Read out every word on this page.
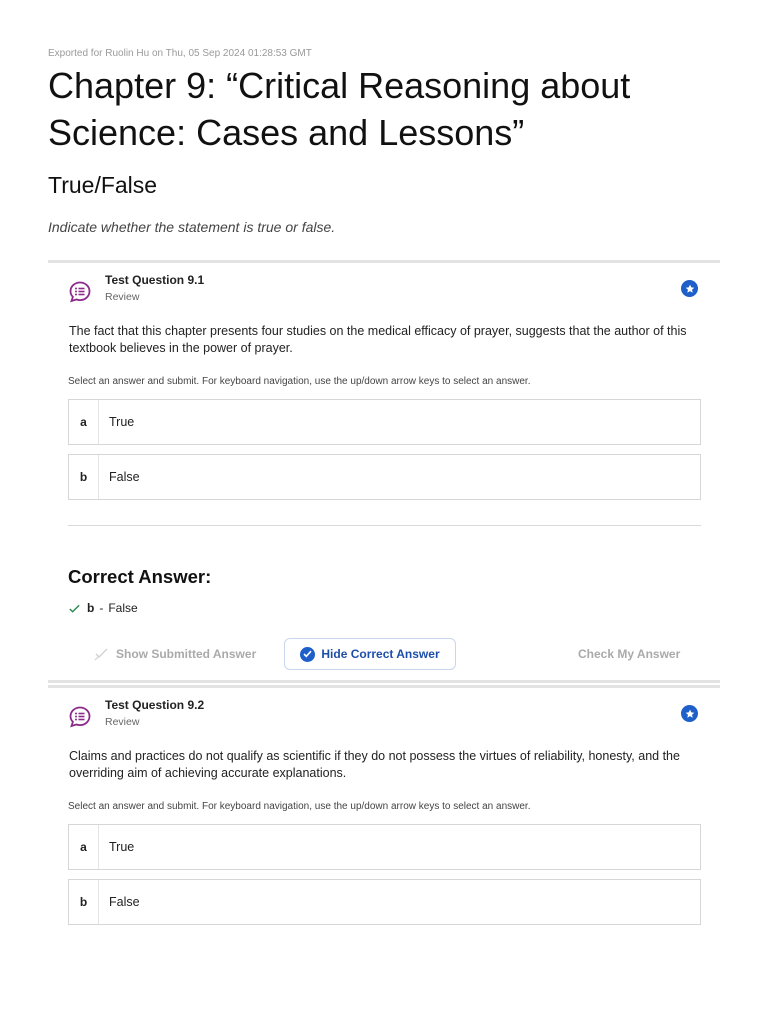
Exported for Ruolin Hu on Thu, 05 Sep 2024 01:28:53 GMT
Chapter 9: “Critical Reasoning about Science: Cases and Lessons”
True/False

Indicate whether the statement is true or false.

Test Question 9.1
Review

The fact that this chapter presents four studies on the medical efficacy of prayer, suggests that the author of this textbook believes in the power of prayer.

Select an answer and submit. For keyboard navigation, use the up/down arrow keys to select an answer.

a	True
b	False
Correct Answer:
b - False
Show Submitted Answer	Hide Correct Answer	Check My Answer
Test Question 9.2
Review

Claims and practices do not qualify as scientific if they do not possess the virtues of reliability, honesty, and the overriding aim of achieving accurate explanations.

Select an answer and submit. For keyboard navigation, use the up/down arrow keys to select an answer.

a	True
b	False
